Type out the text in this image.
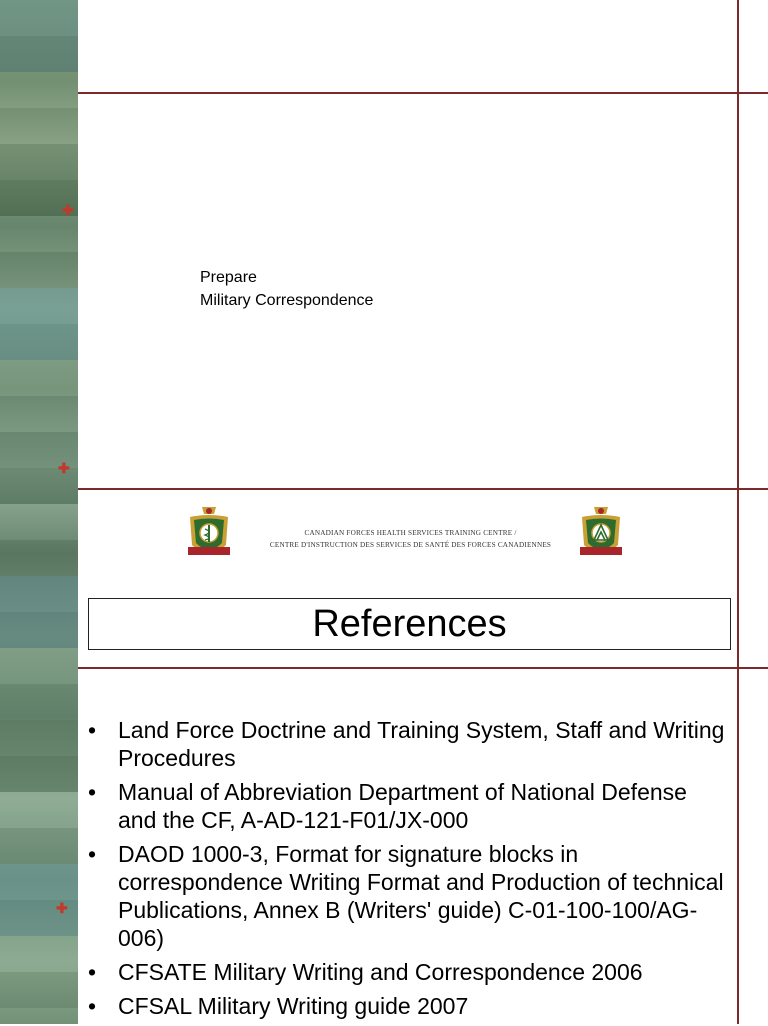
✚
✚
✚
Prepare
Military Correspondence
CANADIAN FORCES HEALTH SERVICES TRAINING CENTRE /
CENTRE D'INSTRUCTION DES SERVICES DE SANTÉ DES FORCES CANADIENNES
References
• Land Force Doctrine and Training System, Staff and Writing Procedures
• Manual of Abbreviation Department of National Defense and the CF, A-AD-121-F01/JX-000
• DAOD 1000-3, Format for signature blocks in correspondence Writing Format and Production of technical Publications, Annex B (Writers' guide) C-01-100-100/AG-006)
• CFSATE Military Writing and Correspondence 2006
• CFSAL Military Writing guide 2007
